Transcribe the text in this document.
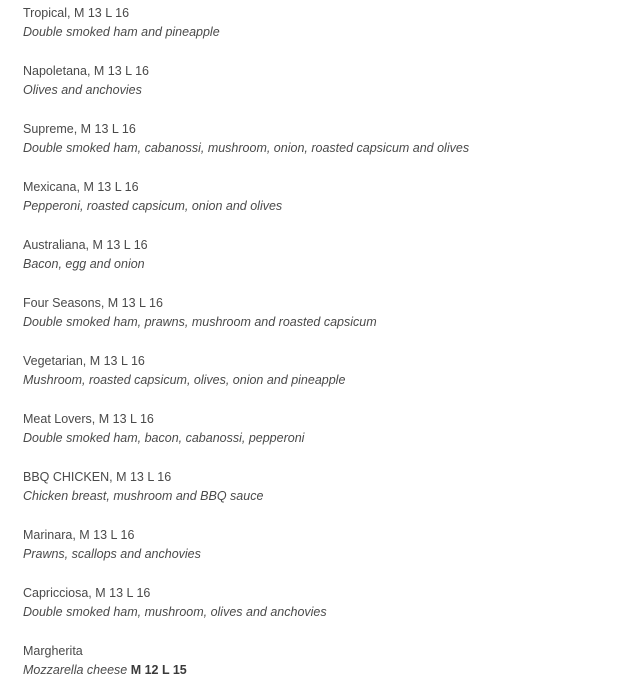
Tropical, M 13 L 16
Double smoked ham and pineapple
Napoletana, M 13 L 16
Olives and anchovies
Supreme, M 13 L 16
Double smoked ham, cabanossi, mushroom, onion, roasted capsicum and olives
Mexicana, M 13 L 16
Pepperoni, roasted capsicum, onion and olives
Australiana, M 13 L 16
Bacon, egg and onion
Four Seasons, M 13 L 16
Double smoked ham, prawns, mushroom and roasted capsicum
Vegetarian, M 13 L 16
Mushroom, roasted capsicum, olives, onion and pineapple
Meat Lovers, M 13 L 16
Double smoked ham, bacon, cabanossi, pepperoni
BBQ CHICKEN, M 13 L 16
Chicken breast, mushroom and BBQ sauce
Marinara, M 13 L 16
Prawns, scallops and anchovies
Capricciosa, M 13 L 16
Double smoked ham, mushroom, olives and anchovies
Margherita
Mozzarella cheese M 12 L 15
